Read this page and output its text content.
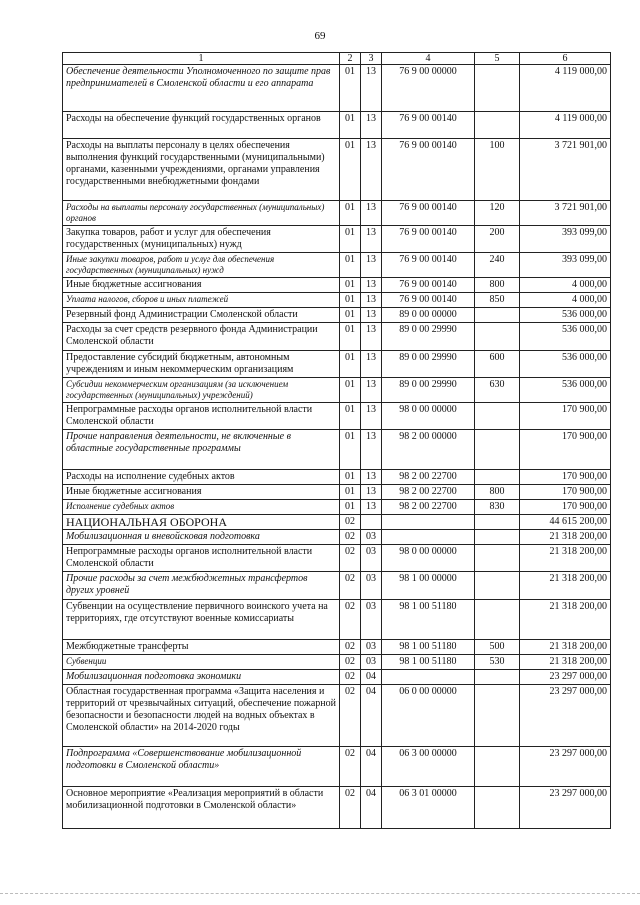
69
1	2	3	4	5	6
Обеспечение деятельности Уполномоченного по защите прав предпринимателей в Смоленской области и его аппарата	01	13	76 9 00 00000		4 119 000,00
Расходы на обеспечение функций государственных органов	01	13	76 9 00 00140		4 119 000,00
Расходы на выплаты персоналу в целях обеспечения выполнения функций государственными (муниципальными) органами, казенными учреждениями, органами управления государственными внебюджетными фондами	01	13	76 9 00 00140	100	3 721 901,00
Расходы на выплаты персоналу государственных (муниципальных) органов	01	13	76 9 00 00140	120	3 721 901,00
Закупка товаров, работ и услуг для обеспечения государственных (муниципальных) нужд	01	13	76 9 00 00140	200	393 099,00
Иные закупки товаров, работ и услуг для обеспечения государственных (муниципальных) нужд	01	13	76 9 00 00140	240	393 099,00
Иные бюджетные ассигнования	01	13	76 9 00 00140	800	4 000,00
Уплата налогов, сборов и иных платежей	01	13	76 9 00 00140	850	4 000,00
Резервный фонд Администрации Смоленской области	01	13	89 0 00 00000		536 000,00
Расходы за счет средств резервного фонда Администрации Смоленской области	01	13	89 0 00 29990		536 000,00
Предоставление субсидий бюджетным, автономным учреждениям и иным некоммерческим организациям	01	13	89 0 00 29990	600	536 000,00
Субсидии некоммерческим организациям (за исключением государственных (муниципальных) учреждений)	01	13	89 0 00 29990	630	536 000,00
Непрограммные расходы органов исполнительной власти Смоленской области	01	13	98 0 00 00000		170 900,00
Прочие направления деятельности, не включенные в областные государственные программы	01	13	98 2 00 00000		170 900,00
Расходы на исполнение судебных актов	01	13	98 2 00 22700		170 900,00
Иные бюджетные ассигнования	01	13	98 2 00 22700	800	170 900,00
Исполнение судебных актов	01	13	98 2 00 22700	830	170 900,00
НАЦИОНАЛЬНАЯ ОБОРОНА	02				44 615 200,00
Мобилизационная и вневойсковая подготовка	02	03			21 318 200,00
Непрограммные расходы органов исполнительной власти Смоленской области	02	03	98 0 00 00000		21 318 200,00
Прочие расходы за счет межбюджетных трансфертов других уровней	02	03	98 1 00 00000		21 318 200,00
Субвенции на осуществление первичного воинского учета на территориях, где отсутствуют военные комиссариаты	02	03	98 1 00 51180		21 318 200,00
Межбюджетные трансферты	02	03	98 1 00 51180	500	21 318 200,00
Субвенции	02	03	98 1 00 51180	530	21 318 200,00
Мобилизационная подготовка экономики	02	04			23 297 000,00
Областная государственная программа «Защита населения и территорий от чрезвычайных ситуаций, обеспечение пожарной безопасности и безопасности людей на водных объектах в Смоленской области» на 2014-2020 годы	02	04	06 0 00 00000		23 297 000,00
Подпрограмма «Совершенствование мобилизационной подготовки в Смоленской области»	02	04	06 3 00 00000		23 297 000,00
Основное мероприятие «Реализация мероприятий в области мобилизационной подготовки в Смоленской области»	02	04	06 3 01 00000		23 297 000,00
